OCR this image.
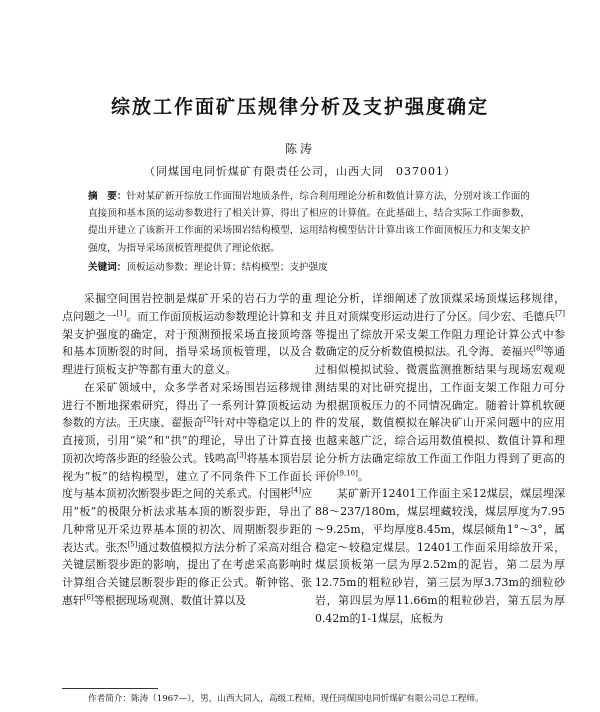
综放工作面矿压规律分析及支护强度确定
陈涛
（同煤国电同忻煤矿有限责任公司，山西大同　037001）
摘　要：针对某矿新开综放工作面围岩地质条件，综合利用理论分析和数值计算方法，分别对该工作面的直接顶和基本顶的运动参数进行了相关计算，得出了相应的计算值。在此基础上，结合实际工作面参数，提出并建立了该新开工作面的采场围岩结构模型，运用结构模型估计计算出该工作面顶板压力和支架支护强度，为指导采场顶板管理提供了理论依据。
关键词：顶板运动参数；理论计算；结构模型；支护强度

采掘空间围岩控制是煤矿开采的岩石力学的重点问题之一[1]。而工作面顶板运动参数理论计算和支架支护强度的确定，对于预测预报采场直接顶垮落和基本顶断裂的时间，指导采场顶板管理，以及合理进行顶板支护等都有重大的意义。

在采矿领域中，众多学者对采场围岩运移规律进行不断地探索研究，得出了一系列计算顶板运动参数的方法。王庆康、翟振奇[2]针对中等稳定以上的直接顶，引用“梁”和“拱”的理论，导出了计算直接顶初次垮落步距的经验公式。钱鸣高[3]将基本顶岩层视为“板”的结构模型，建立了不同条件下工作面长度与基本顶初次断裂步距之间的关系式。付国彬[4]应用“板”的极限分析法求基本顶的断裂步距，导出了几种常见开采边界基本顶的初次、周期断裂步距的表达式。张杰[5]通过数值模拟方法分析了采高对组合关键层断裂步距的影响，提出了在考虑采高影响时计算组合关键层断裂步距的修正公式。靳钟铭、张惠轩[6]等根据现场观测、数值计算以及

理论分析，详细阐述了放顶煤采场顶煤运移规律，并且对顶煤变形运动进行了分区。闫少宏、毛德兵[7]等提出了综放开采支架工作阻力理论计算公式中参数确定的反分析数值模拟法。孔令海、姜福兴[8]等通过相似模拟试验、微震监测推断结果与现场宏观观测结果的对比研究提出，工作面支架工作阻力可分为根据顶板压力的不同情况确定。随着计算机软硬件的发展，数值模拟在解决矿山开采问题中的应用也越来越广泛，综合运用数值模拟、数值计算和理论分析方法确定综放工作面工作阻力得到了更高的评价[9,10]。

某矿新开12401工作面主采12煤层，煤层埋深88～237/180m，煤层埋藏较浅，煤层厚度为7.95～9.25m，平均厚度8.45m，煤层倾角1°～3°，属稳定～较稳定煤层。12401工作面采用综放开采，煤层顶板第一层为厚2.52m的泥岩，第二层为厚12.75m的粗粒砂岩，第三层为厚3.73m的细粒砂岩，第四层为厚11.66m的粗粒砂岩，第五层为厚0.42m的1-1煤层，底板为

作者简介：陈涛（1967—），男，山西大同人，高级工程师，现任同煤国电同忻煤矿有限公司总工程师。
